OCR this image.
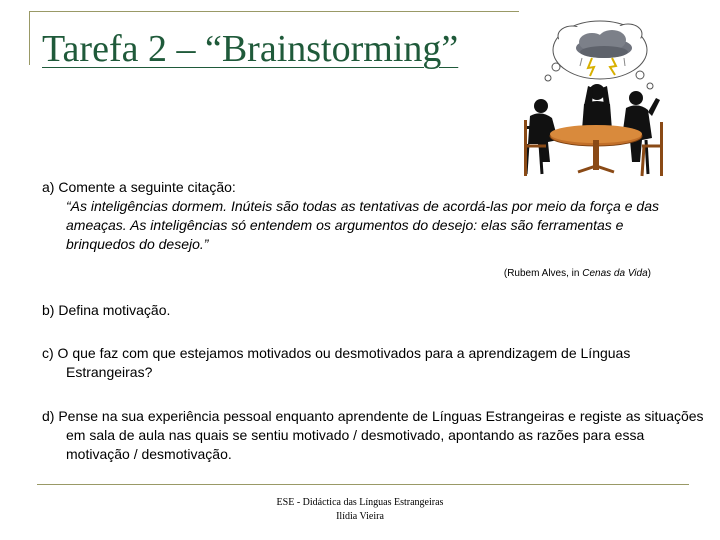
Tarefa 2 – “Brainstorming”
a) Comente a seguinte citação:
“As inteligências dormem. Inúteis são todas as tentativas de acordá-las por meio da força e das ameaças. As inteligências só entendem os argumentos do desejo: elas são ferramentas e brinquedos do desejo.”
(Rubem Alves, in Cenas da Vida)
b) Defina motivação.
c) O que faz com que estejamos motivados ou desmotivados para a aprendizagem de Línguas Estrangeiras?
d) Pense na sua experiência pessoal enquanto aprendente de Línguas Estrangeiras e registe as situações em sala de aula nas quais se sentiu motivado / desmotivado, apontando as razões para essa motivação / desmotivação.
ESE - Didáctica das Línguas Estrangeiras
Ilídia Vieira
